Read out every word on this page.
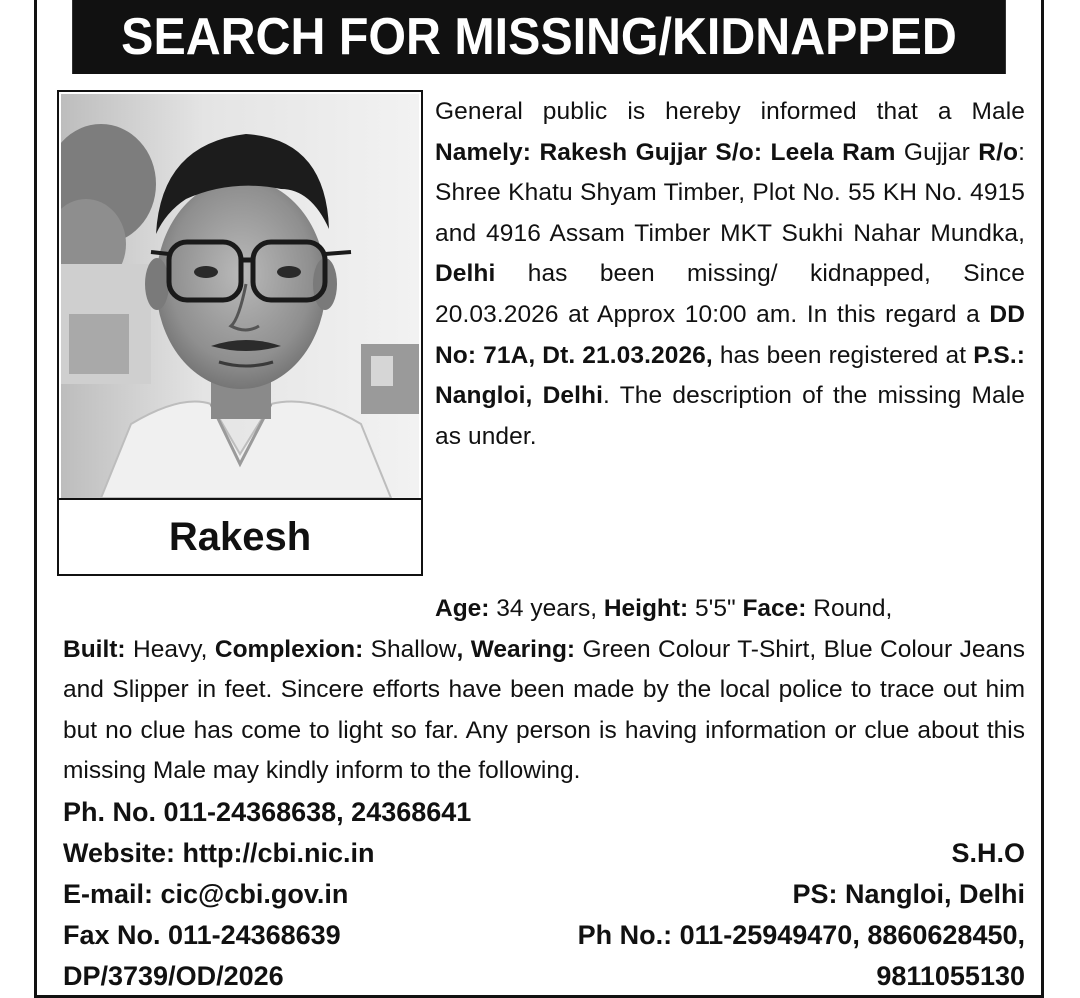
SEARCH FOR MISSING/KIDNAPPED
Rakesh
General public is hereby informed that a Male Namely: Rakesh Gujjar S/o: Leela Ram Gujjar R/o: Shree Khatu Shyam Timber, Plot No. 55 KH No. 4915 and 4916 Assam Timber MKT Sukhi Nahar Mundka, Delhi has been missing/ kidnapped, Since 20.03.2026 at Approx 10:00 am. In this regard a DD No: 71A, Dt. 21.03.2026, has been registered at P.S.: Nangloi, Delhi. The description of the missing Male as under.
Age: 34 years, Height: 5'5" Face: Round,
Built: Heavy, Complexion: Shallow, Wearing: Green Colour T-Shirt, Blue Colour Jeans and Slipper in feet. Sincere efforts have been made by the local police to trace out him but no clue has come to light so far. Any person is having information or clue about this missing Male may kindly inform to the following.
Ph. No. 011-24368638, 24368641
Website: http://cbi.nic.in	S.H.O
E-mail: cic@cbi.gov.in	PS: Nangloi, Delhi
Fax No. 011-24368639	Ph No.: 011-25949470, 8860628450,
DP/3739/OD/2026	9811055130
